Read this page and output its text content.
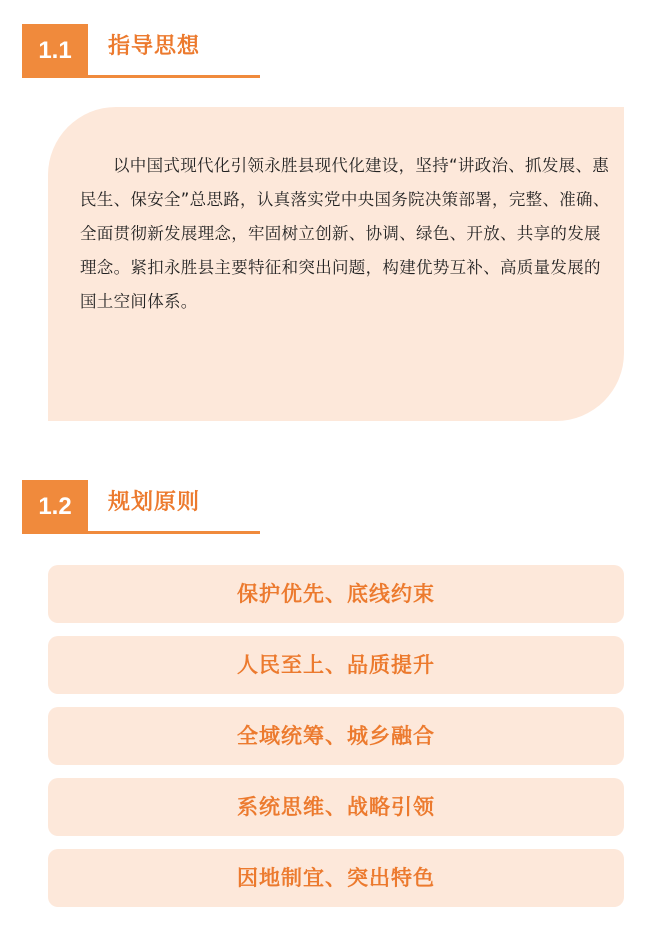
1.1	指导思想

以中国式现代化引领永胜县现代化建设，坚持“讲政治、抓发展、惠民生、保安全”总思路，认真落实党中央国务院决策部署，完整、准确、全面贯彻新发展理念，牢固树立创新、协调、绿色、开放、共享的发展理念。紧扣永胜县主要特征和突出问题，构建优势互补、高质量发展的国土空间体系。

1.2	规划原则
保护优先、底线约束
人民至上、品质提升
全域统筹、城乡融合
系统思维、战略引领
因地制宜、突出特色
